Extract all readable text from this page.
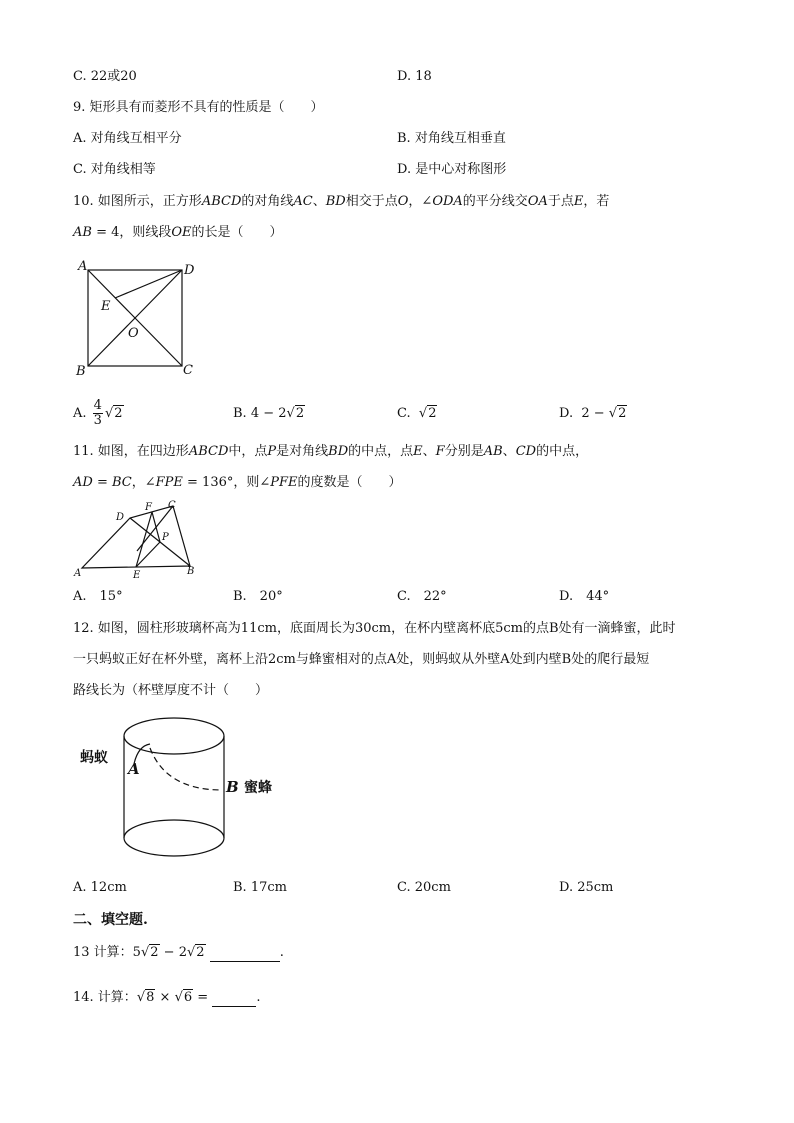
C. 22或20	D. 18
9. 矩形具有而菱形不具有的性质是（　　）
A. 对角线互相平分	B. 对角线互相垂直
C. 对角线相等	D. 是中心对称图形
10. 如图所示，正方形ABCD的对角线AC、BD相交于点O，∠ODA的平分线交OA于点E，若
AB = 4，则线段OE的长是（　　）
A	D
E
O
B	C
A. $\frac{4}{3} √2$	B. 4 − 2√2	C. √2	D. 2 − √2
11. 如图，在四边形ABCD中，点P是对角线BD的中点，点E、F分别是AB、CD的中点，
AD = BC，∠FPE = 136°，则∠PFE的度数是（　　）
D
F C
P
A	E	B
A.　15°	B.　20°	C.　22°	D.　44°
12. 如图，圆柱形玻璃杯高为11cm，底面周长为30cm，在杯内壁离杯底5cm的点B处有一滴蜂蜜，此时
一只蚂蚁正好在杯外壁，离杯上沿2cm与蜂蜜相对的点A处，则蚂蚁从外壁A处到内壁B处的爬行最短
路线长为（杯壁厚度不计（　　）
蚂蚁
A
B 蜜蜂
A. 12cm	B. 17cm	C. 20cm	D. 25cm
二、填空题.
13 计算：5√2 − 2√2	.
14. 计算：√8 × √6 =	.
